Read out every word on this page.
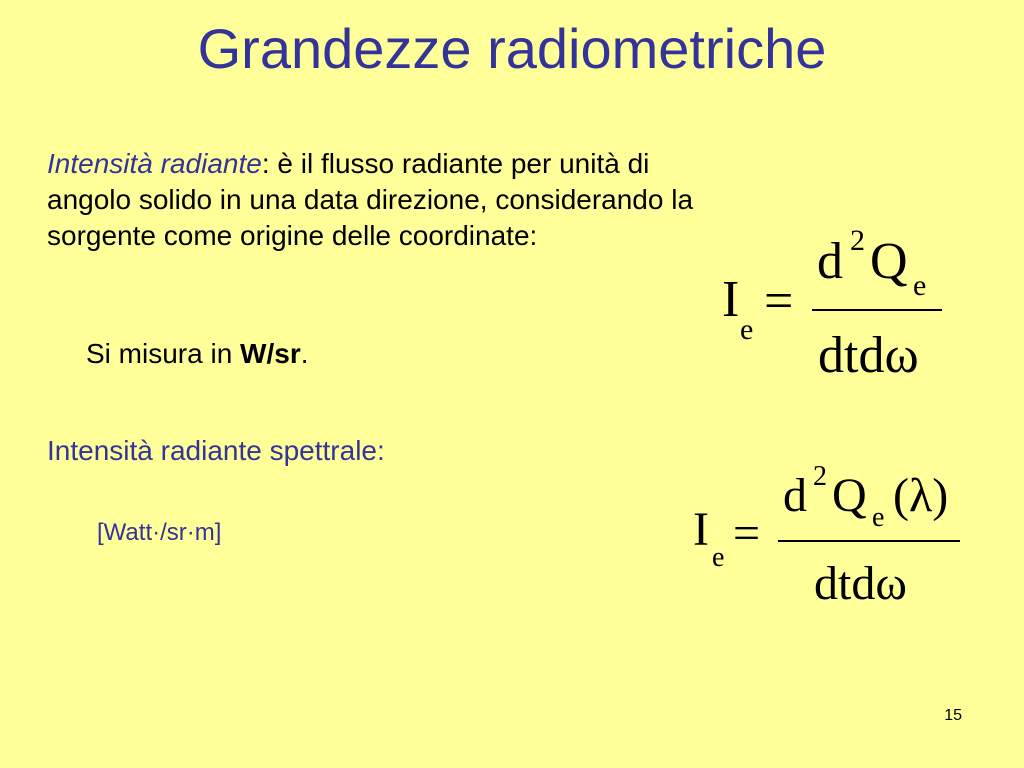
Grandezze radiometriche

Intensità radiante: è il flusso radiante per unità di angolo solido in una data direzione, considerando la sorgente come origine delle coordinate:

Si misura in W/sr.
Intensità radiante spettrale:
[Watt·/sr·m]
I
e =
d 2 Q e
dtdω
I
e =
d 2 Q e (λ)
dtdω
15
